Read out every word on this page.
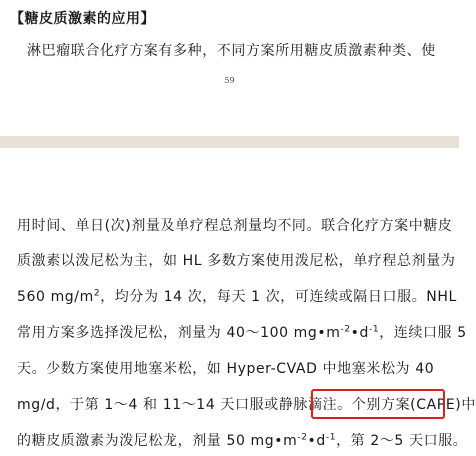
【糖皮质激素的应用】
淋巴瘤联合化疗方案有多种，不同方案所用糖皮质激素种类、使
59
用时间、单日(次)剂量及单疗程总剂量均不同。联合化疗方案中糖皮
质激素以泼尼松为主，如 HL 多数方案使用泼尼松，单疗程总剂量为
560 $mg/m^2$，均分为 14 次，每天 1 次，可连续或隔日口服。NHL
常用方案多选择泼尼松，剂量为 40～100 $mg•m^{-2}•d^{-1}$，连续口服 5
天。少数方案使用地塞米松，如 Hyper-CVAD 中地塞米松为 40
mg/d，于第 1～4 和 11～14 天口服或静脉滴注。个别方案(CAPE)中
的糖皮质激素为泼尼松龙，剂量 50 $mg•m^{-2}•d^{-1}$，第 2～5 天口服。
